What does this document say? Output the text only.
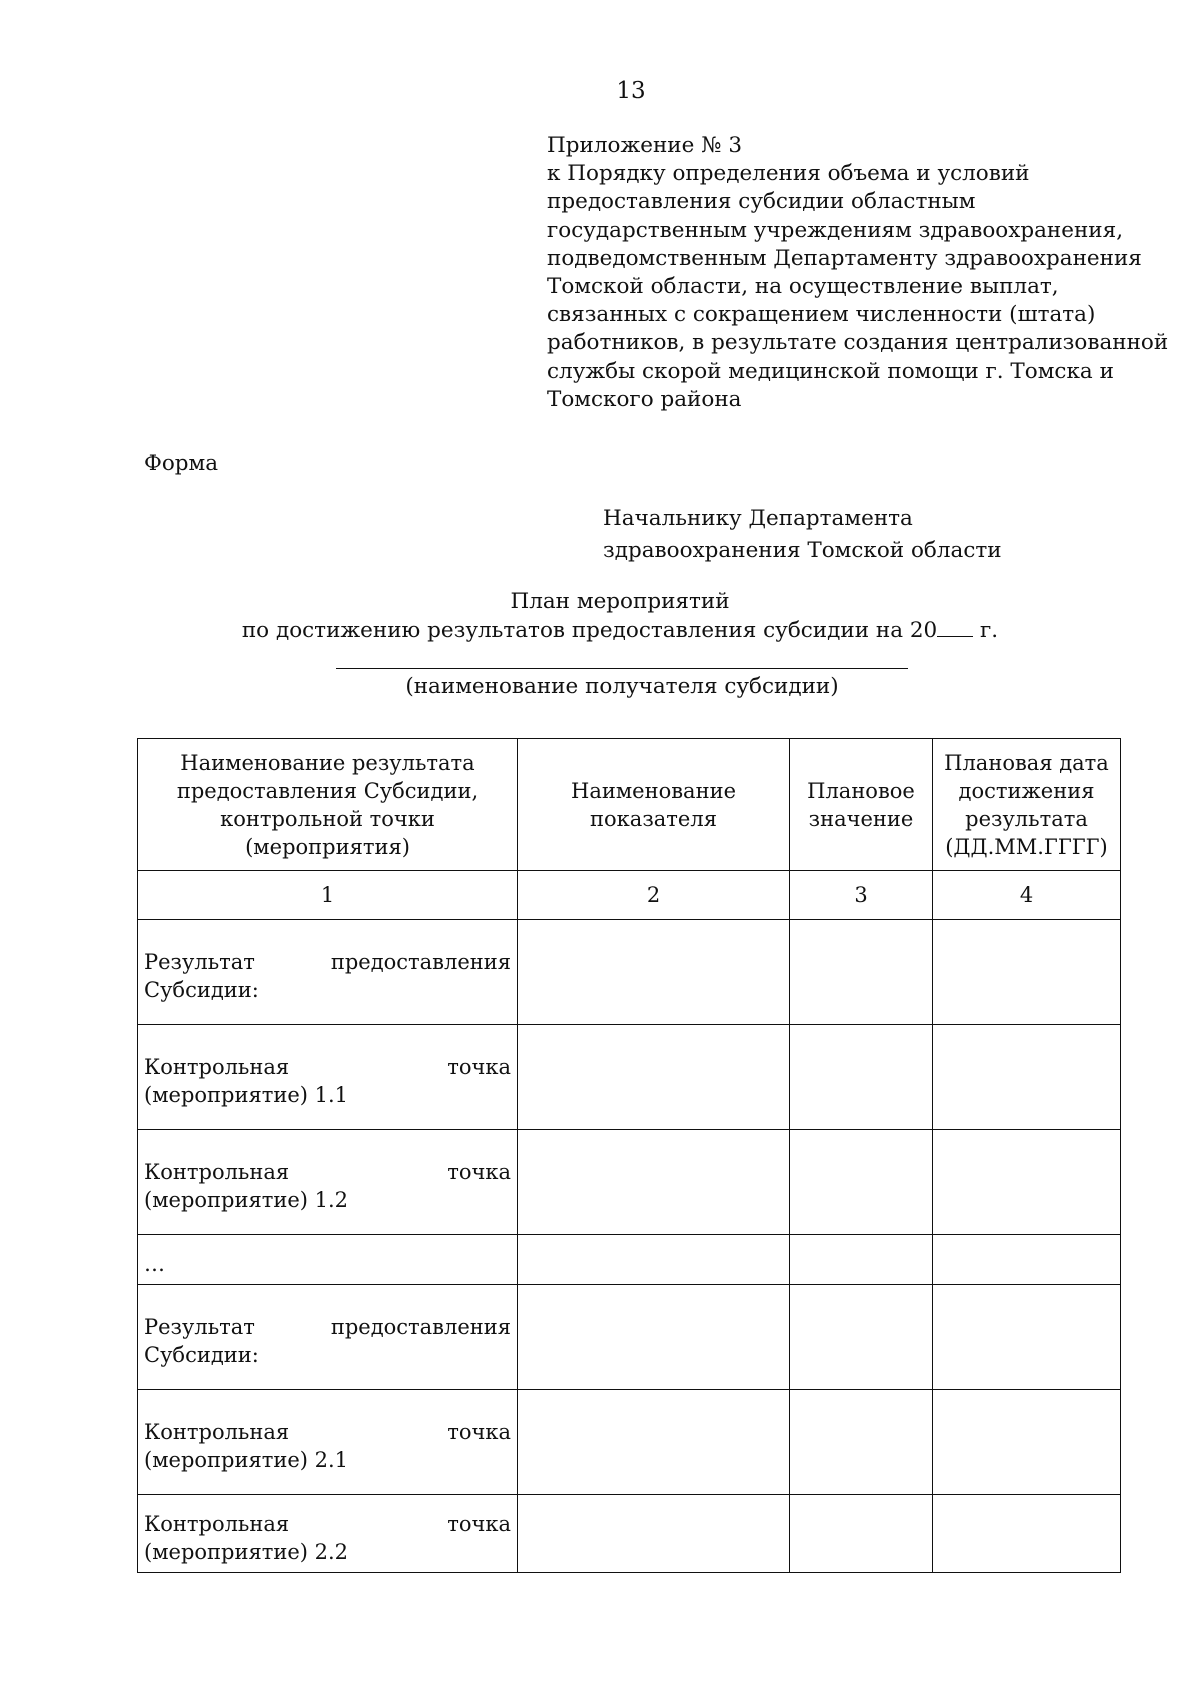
13
Приложение № 3
к Порядку определения объема и условий
предоставления субсидии областным
государственным учреждениям здравоохранения,
подведомственным Департаменту здравоохранения
Томской области, на осуществление выплат,
связанных с сокращением численности (штата)
работников, в результате создания централизованной
службы скорой медицинской помощи г. Томска и
Томского района
Форма
Начальнику Департамента
здравоохранения Томской области
План мероприятий
по достижению результатов предоставления субсидии на 20 г.
(наименование получателя субсидии)
Наименование результата предоставления Субсидии, контрольной точки (мероприятия)	Наименование показателя	Плановое значение	Плановая дата достижения результата (ДД.ММ.ГГГГ)
1	2	3	4

Результат предоставления
Субсидии:			

Контрольная точка (мероприятие) 1.1			
Контрольная точка (мероприятие) 1.2			
…			

Результат предоставления
Субсидии:			

Контрольная точка (мероприятие) 2.1			
Контрольная точка (мероприятие) 2.2			
